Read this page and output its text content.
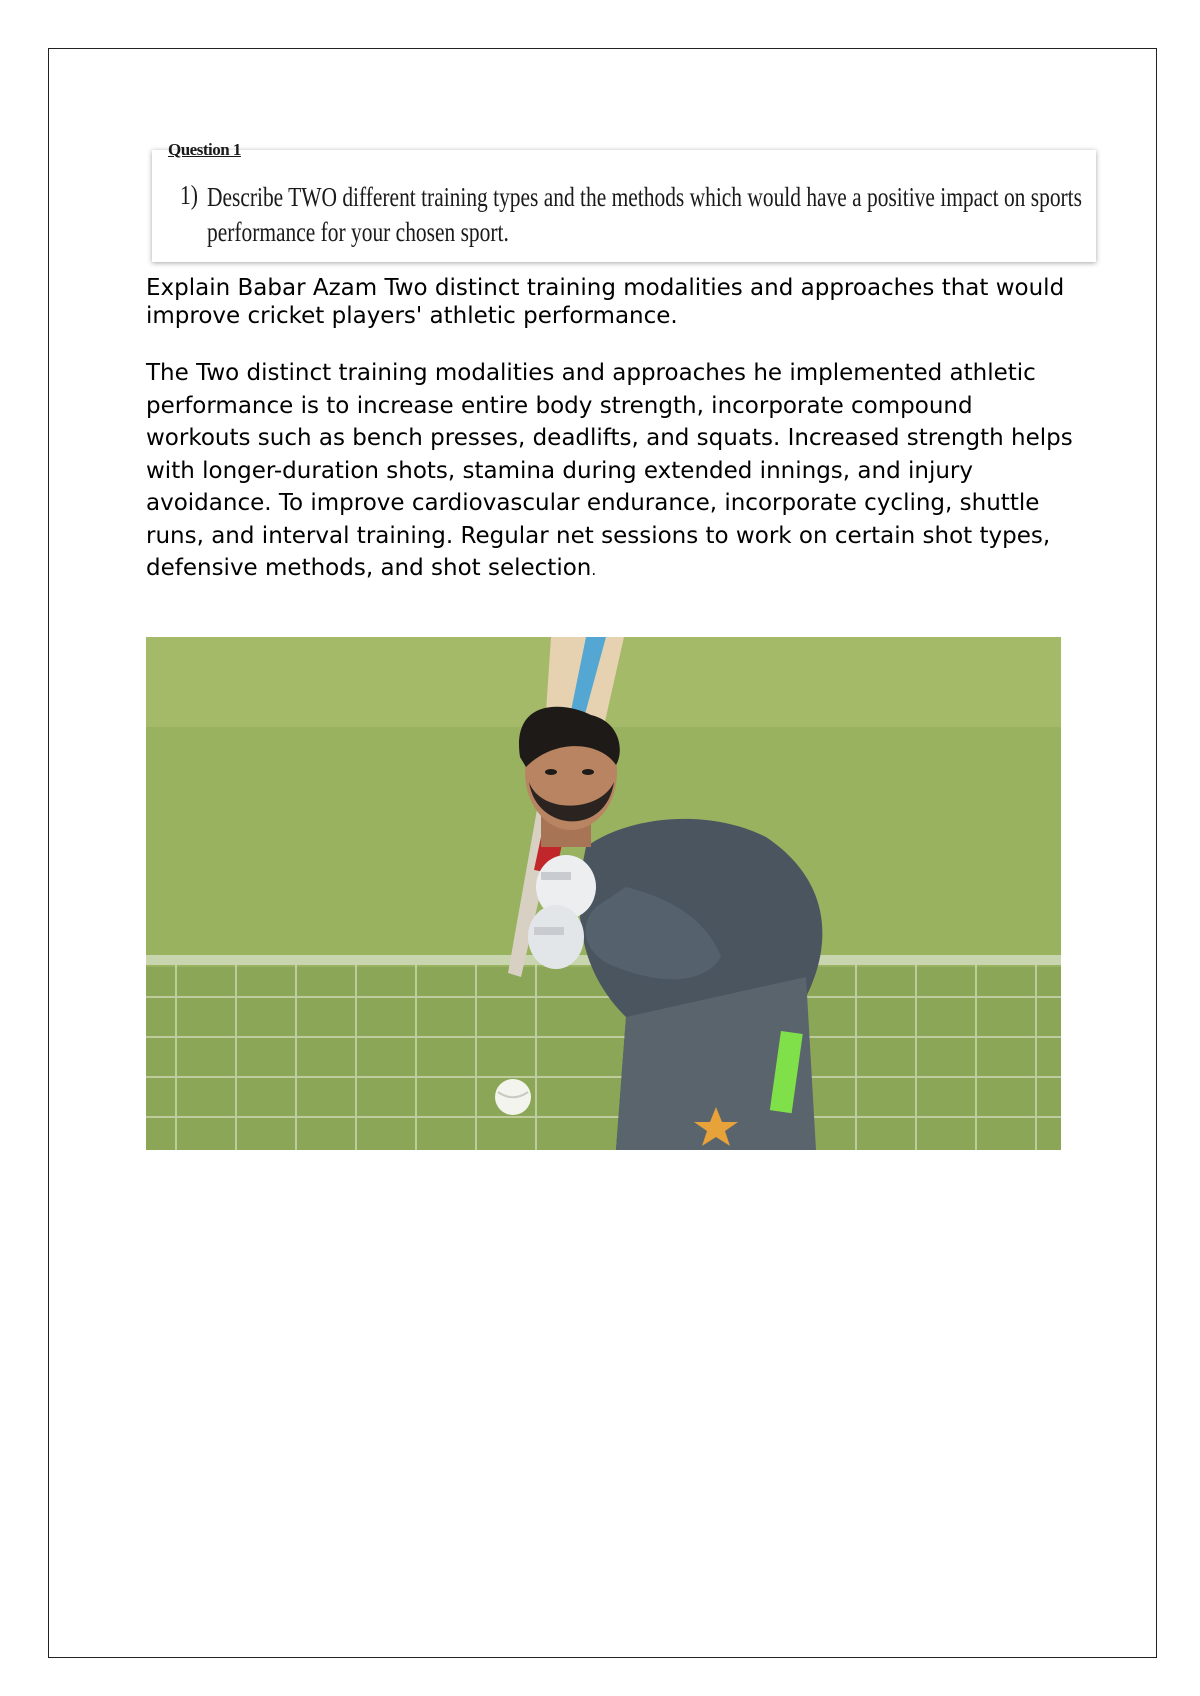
Question 1
1) Describe TWO different training types and the methods which would have a positive impact on sports performance for your chosen sport.
Explain Babar Azam Two distinct training modalities and approaches that would improve cricket players' athletic performance.
The Two distinct training modalities and approaches he implemented athletic performance is to increase entire body strength, incorporate compound workouts such as bench presses, deadlifts, and squats. Increased strength helps with longer-duration shots, stamina during extended innings, and injury avoidance. To improve cardiovascular endurance, incorporate cycling, shuttle runs, and interval training. Regular net sessions to work on certain shot types, defensive methods, and shot selection.
